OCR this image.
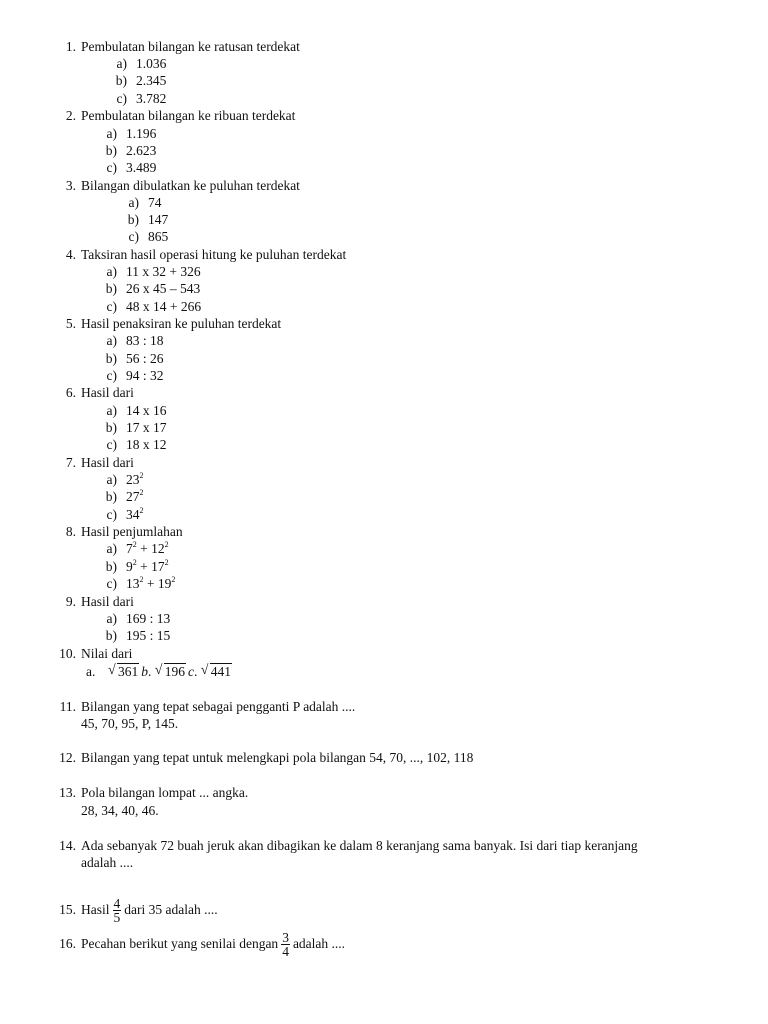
1. Pembulatan bilangan ke ratusan terdekat
a) 1.036
b) 2.345
c) 3.782
2. Pembulatan bilangan ke ribuan terdekat
a) 1.196
b) 2.623
c) 3.489
3. Bilangan dibulatkan ke puluhan terdekat
a) 74
b) 147
c) 865
4. Taksiran hasil operasi hitung ke puluhan terdekat
a) 11 x 32 + 326
b) 26 x 45 – 543
c) 48 x 14 + 266
5. Hasil penaksiran ke puluhan terdekat
a) 83 : 18
b) 56 : 26
c) 94 : 32
6. Hasil dari
a) 14 x 16
b) 17 x 17
c) 18 x 12
7. Hasil dari
a) $23^2$
b) $27^2$
c) $34^2$
8. Hasil penjumlahan
a) $7^2 + 12^2$
b) $9^2 + 17^2$
c) $13^2 + 19^2$
9. Hasil dari
a) 169 : 13
b) 195 : 15
10. Nilai dari
a. √ 361 b. √ 196 c. √ 441
11. Bilangan yang tepat sebagai pengganti P adalah ....
45, 70, 95, P, 145.
12. Bilangan yang tepat untuk melengkapi pola bilangan 54, 70, ..., 102, 118
13. Pola bilangan lompat ... angka.
28, 34, 40, 46.
14. Ada sebanyak 72 buah jeruk akan dibagikan ke dalam 8 keranjang sama banyak. Isi dari tiap keranjang
adalah ....
15. Hasil $\frac{4}{5}$ dari 35 adalah ....
16. Pecahan berikut yang senilai dengan $\frac{3}{4}$ adalah ....
